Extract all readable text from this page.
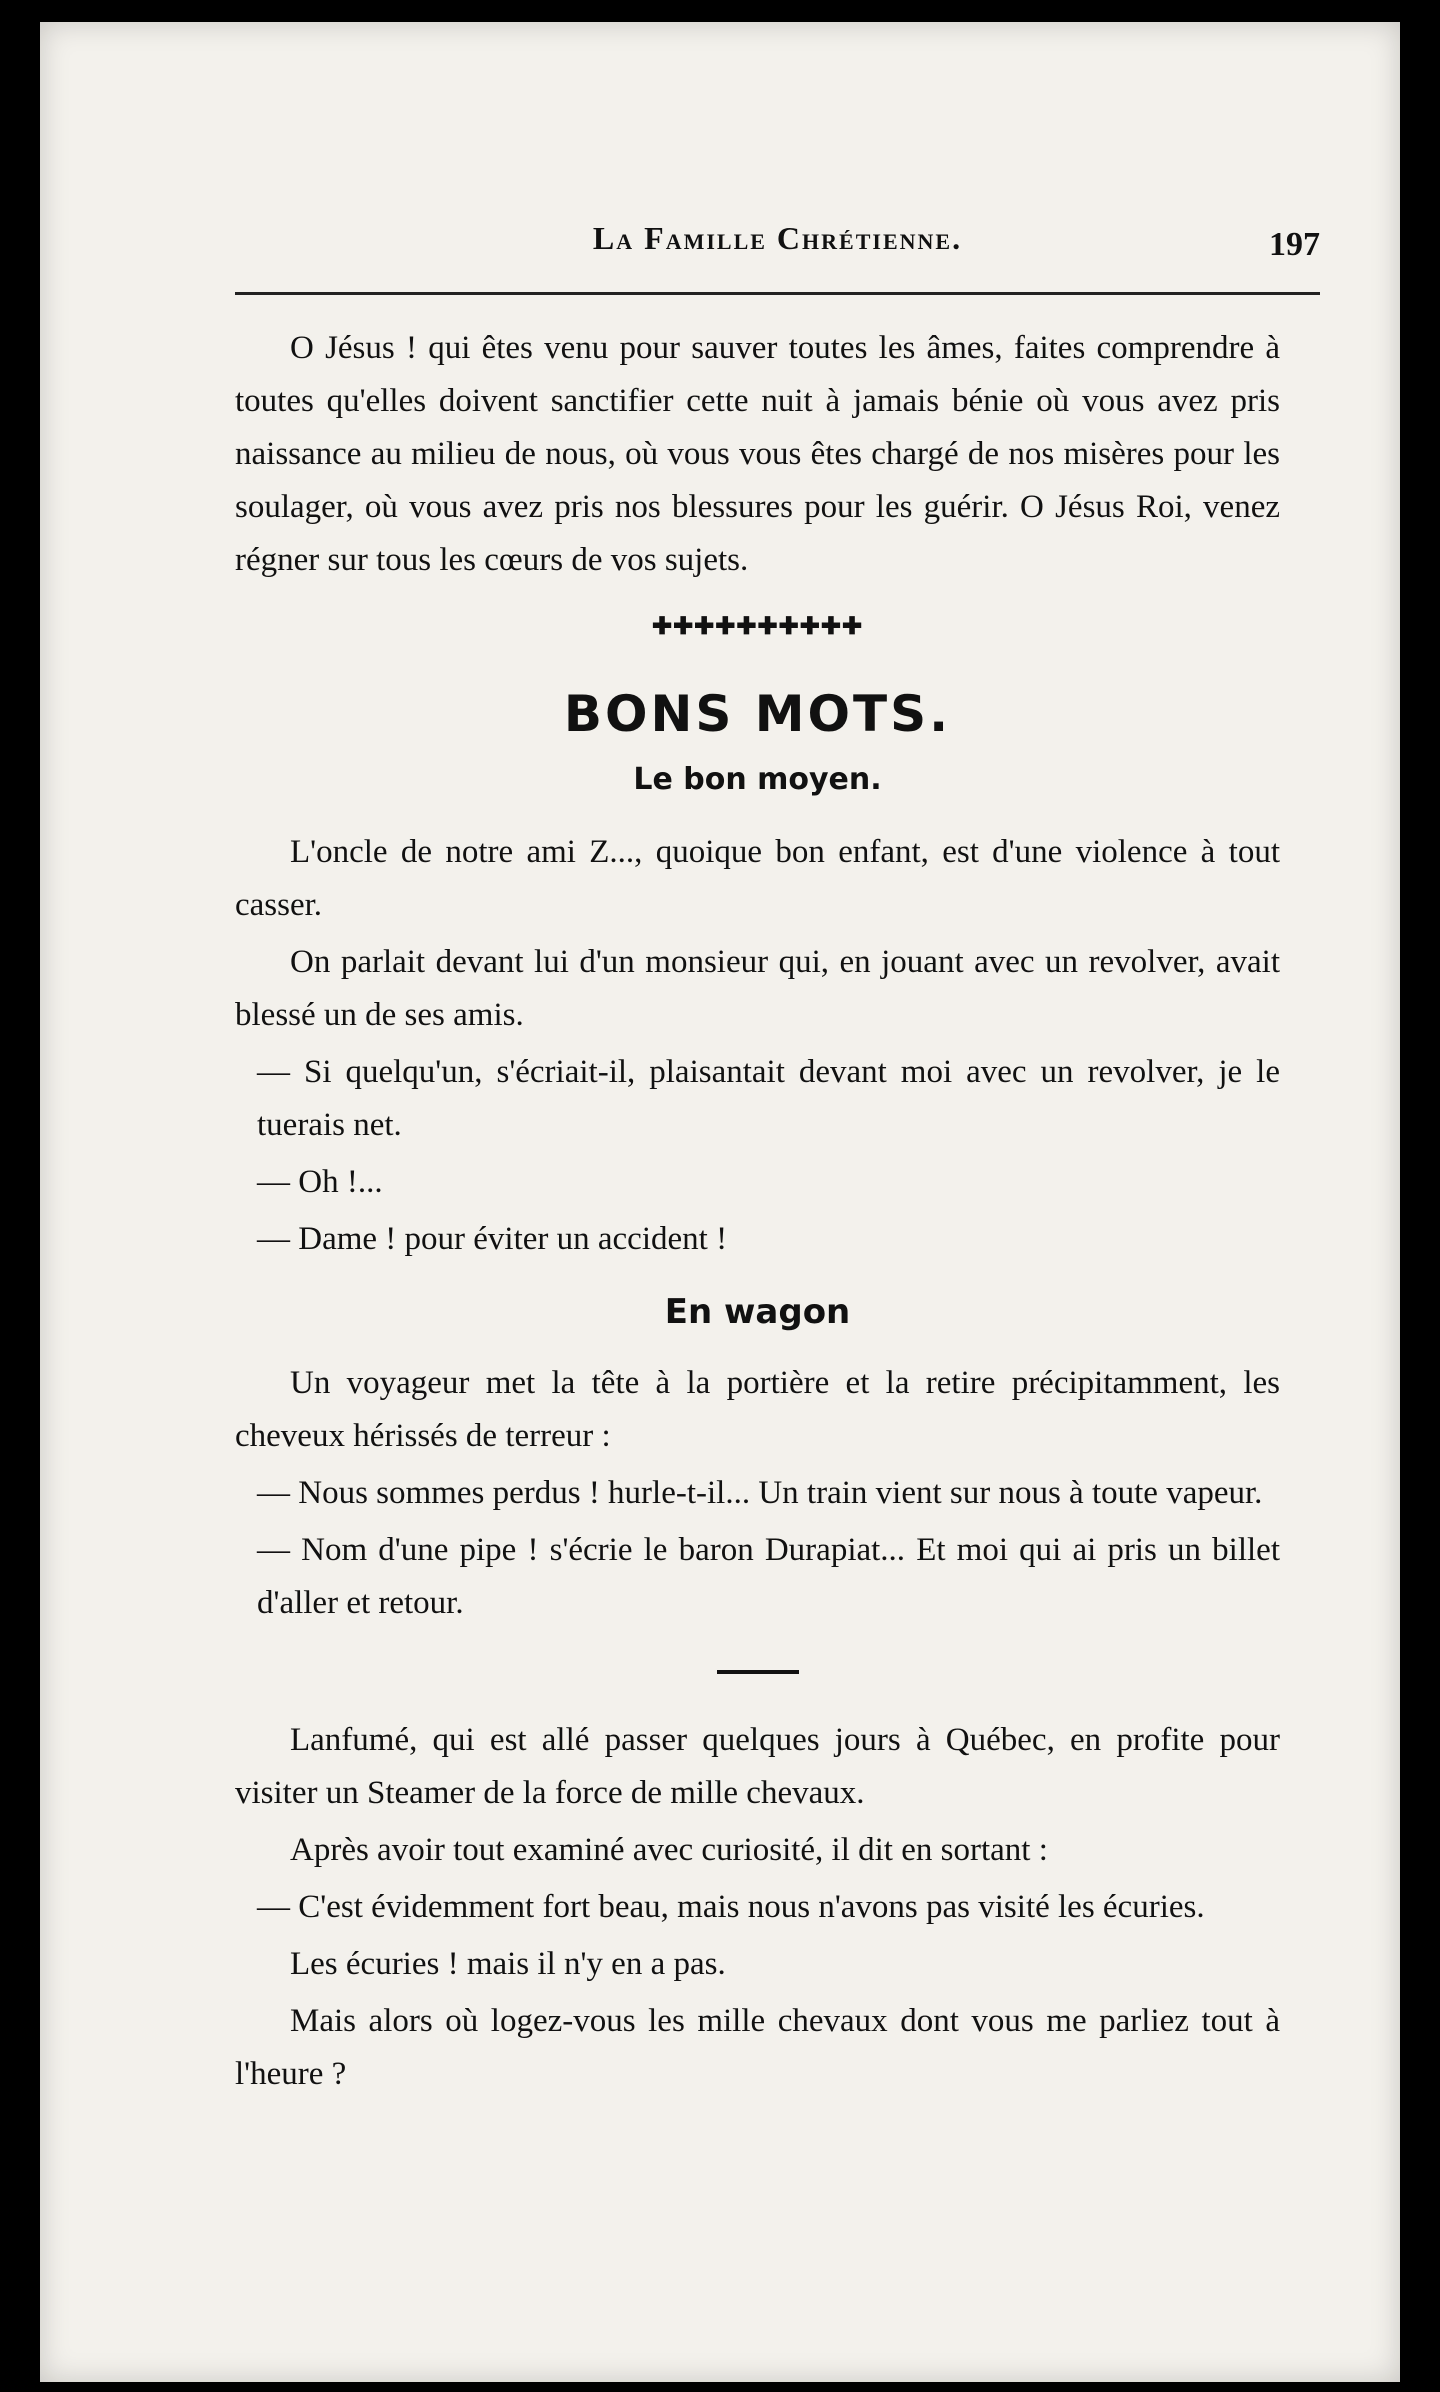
La Famille Chrétienne.	197

O Jésus ! qui êtes venu pour sauver toutes les âmes, faites comprendre à toutes qu'elles doivent sanctifier cette nuit à jamais bénie où vous avez pris naissance au milieu de nous, où vous vous êtes chargé de nos misères pour les soulager, où vous avez pris nos blessures pour les guérir. O Jésus Roi, venez régner sur tous les cœurs de vos sujets.

✚✚✚✚✚✚✚✚✚✚
BONS MOTS.
Le bon moyen.

L'oncle de notre ami Z..., quoique bon enfant, est d'une violence à tout casser.

On parlait devant lui d'un monsieur qui, en jouant avec un revolver, avait blessé un de ses amis.

— Si quelqu'un, s'écriait-il, plaisantait devant moi avec un revolver, je le tuerais net.

— Oh !...

— Dame ! pour éviter un accident !

En wagon

Un voyageur met la tête à la portière et la retire précipitamment, les cheveux hérissés de terreur :

— Nous sommes perdus ! hurle-t-il... Un train vient sur nous à toute vapeur.

— Nom d'une pipe ! s'écrie le baron Durapiat... Et moi qui ai pris un billet d'aller et retour.

Lanfumé, qui est allé passer quelques jours à Québec, en profite pour visiter un Steamer de la force de mille chevaux.

Après avoir tout examiné avec curiosité, il dit en sortant :

— C'est évidemment fort beau, mais nous n'avons pas visité les écuries.

Les écuries ! mais il n'y en a pas.

Mais alors où logez-vous les mille chevaux dont vous me parliez tout à l'heure ?
